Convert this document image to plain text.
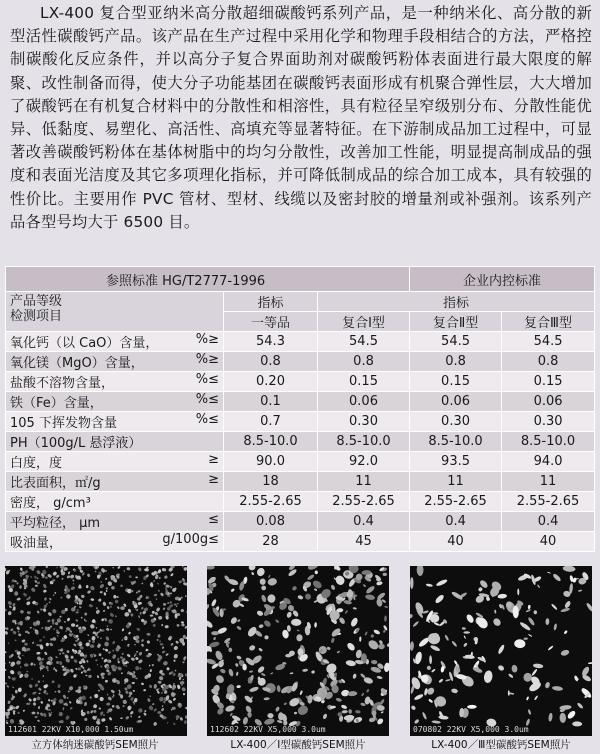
LX-400 复合型亚纳米高分散超细碳酸钙系列产品，是一种纳米化、高分散的新型活性碳酸钙产品。该产品在生产过程中采用化学和物理手段相结合的方法，严格控制碳酸化反应条件，并以高分子复合界面助剂对碳酸钙粉体表面进行最大限度的解聚、改性制备而得，使大分子功能基团在碳酸钙表面形成有机聚合弹性层，大大增加了碳酸钙在有机复合材料中的分散性和相溶性，具有粒径呈窄级别分布、分散性能优异、低黏度、易塑化、高活性、高填充等显著特征。在下游制成品加工过程中，可显著改善碳酸钙粉体在基体树脂中的均匀分散性，改善加工性能，明显提高制成品的强度和表面光洁度及其它多项理化指标，并可降低制成品的综合加工成本，具有较强的性价比。主要用作 PVC 管材、型材、线缆以及密封胶的增量剂或补强剂。该系列产品各型号均大于 6500 目。
参照标准 HG/T2777-1996			企业内控标准	

产品等级
检测项目	指标	指标		
	一等品	复合Ⅰ型	复合Ⅱ型	复合Ⅲ型

氧化钙（以 CaO）含量， %≥	54.3	54.5	54.5	54.5

氧化镁（MgO）含量， %≥	0.8	0.8	0.8	0.8

盐酸不溶物含量， %≤	0.20	0.15	0.15	0.15

铁（Fe）含量， %≤	0.1	0.06	0.06	0.06

105 下挥发物含量 %≤	0.7	0.30	0.30	0.30

PH（100g/L 悬浮液）	8.5-10.0	8.5-10.0	8.5-10.0	8.5-10.0

白度，度 ≥	90.0	92.0	93.5	94.0

比表面积，㎡/g ≥	18	11	11	11

密度， g/cm³	2.55-2.65	2.55-2.65	2.55-2.65	2.55-2.65

平均粒径， μm ≤	0.08	0.4	0.4	0.4

吸油量， g/100g≤	28	45	40	40
112601 22KV X10,000 1.50um	112602 22KV X5,000 3.0um	070802 22KV X5,000 3.0um
立方体纳迷碳酸钙SEM照片	LX-400／Ⅰ型碳酸钙SEM照片	LX-400／Ⅲ型碳酸钙SEM照片
